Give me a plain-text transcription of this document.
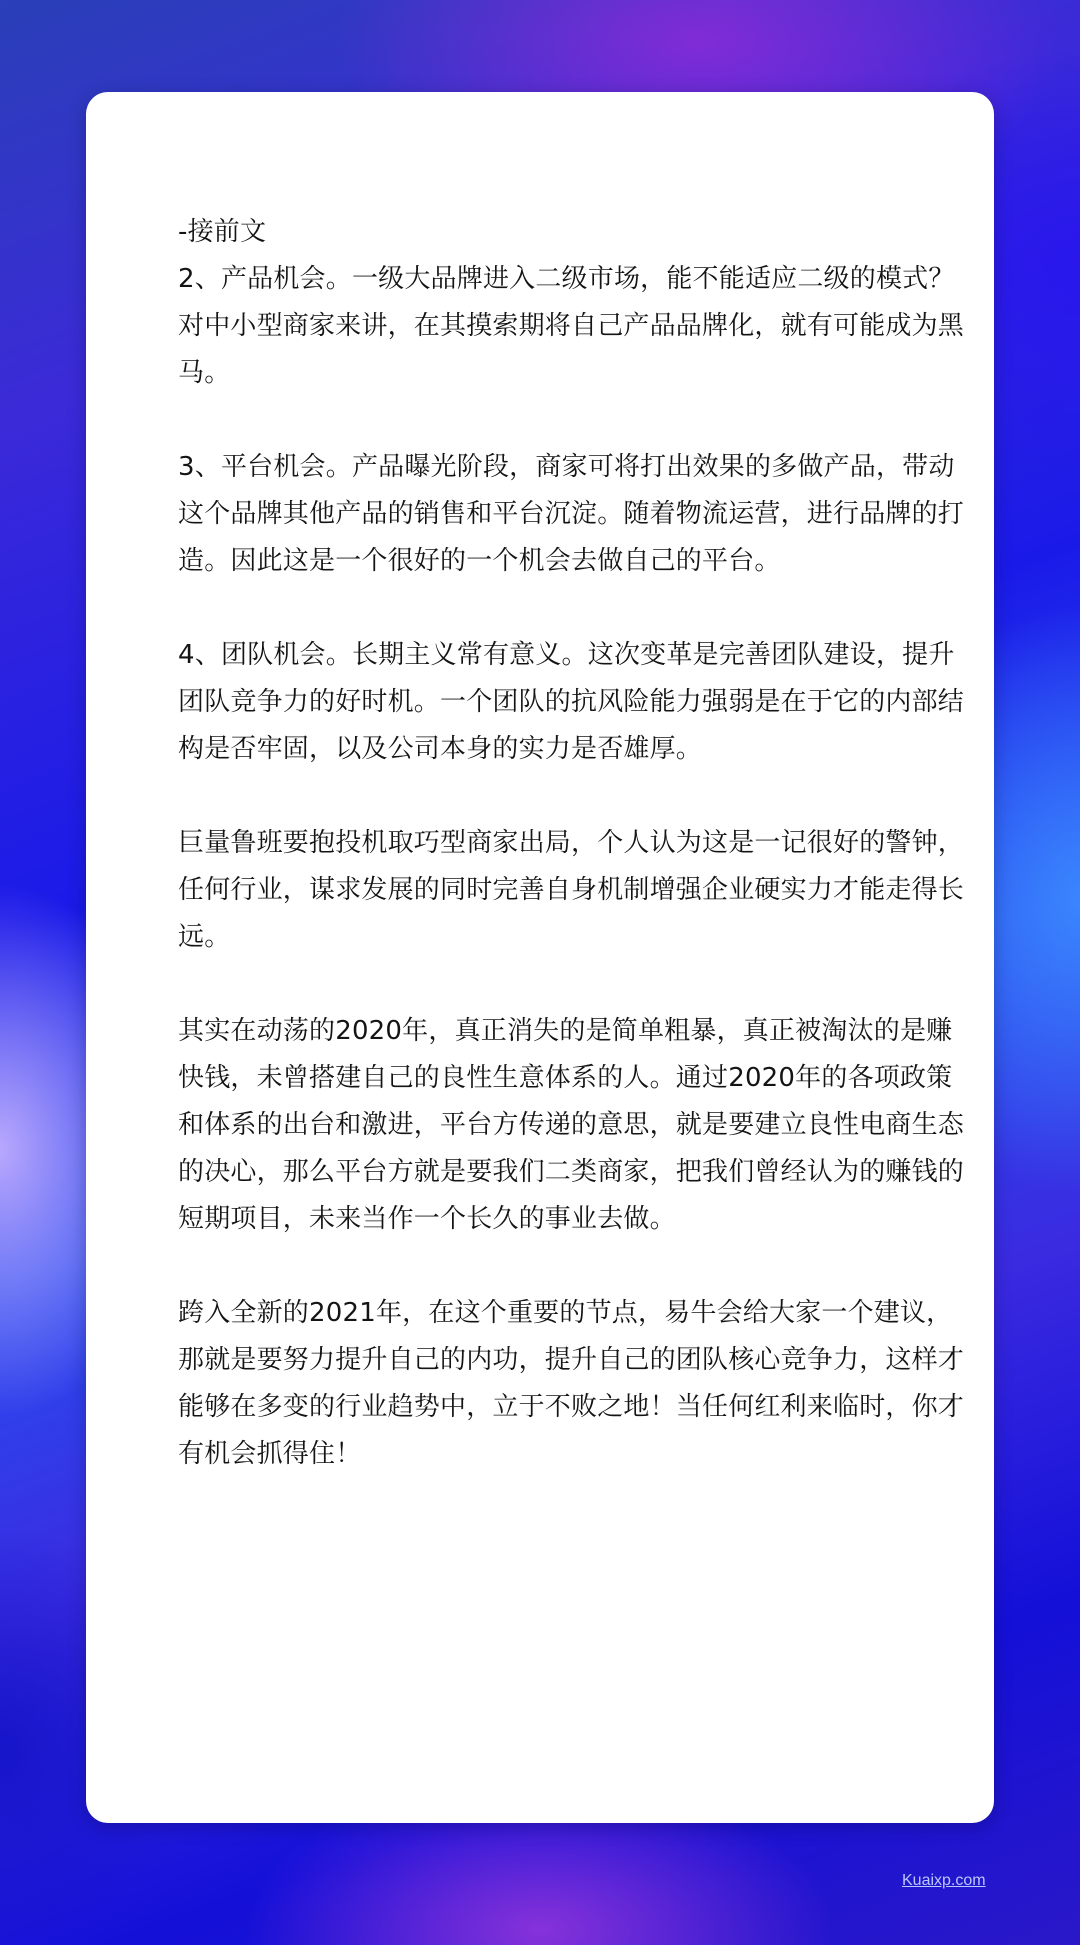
-接前文

2、产品机会。一级大品牌进入二级市场，能不能适应二级的模式？对中小型商家来讲，在其摸索期将自己产品品牌化，就有可能成为黑马。

3、平台机会。产品曝光阶段，商家可将打出效果的多做产品，带动这个品牌其他产品的销售和平台沉淀。随着物流运营，进行品牌的打造。因此这是一个很好的一个机会去做自己的平台。

4、团队机会。长期主义常有意义。这次变革是完善团队建设，提升团队竞争力的好时机。一个团队的抗风险能力强弱是在于它的内部结构是否牢固，以及公司本身的实力是否雄厚。

巨量鲁班要抱投机取巧型商家出局，个人认为这是一记很好的警钟，任何行业，谋求发展的同时完善自身机制增强企业硬实力才能走得长远。

其实在动荡的2020年，真正消失的是简单粗暴，真正被淘汰的是赚快钱，未曾搭建自己的良性生意体系的人。通过2020年的各项政策和体系的出台和激进，平台方传递的意思，就是要建立良性电商生态的决心，那么平台方就是要我们二类商家，把我们曾经认为的赚钱的短期项目，未来当作一个长久的事业去做。

跨入全新的2021年，在这个重要的节点，易牛会给大家一个建议，那就是要努力提升自己的内功，提升自己的团队核心竞争力，这样才能够在多变的行业趋势中，立于不败之地！当任何红利来临时，你才有机会抓得住！

Kuaixp.com
